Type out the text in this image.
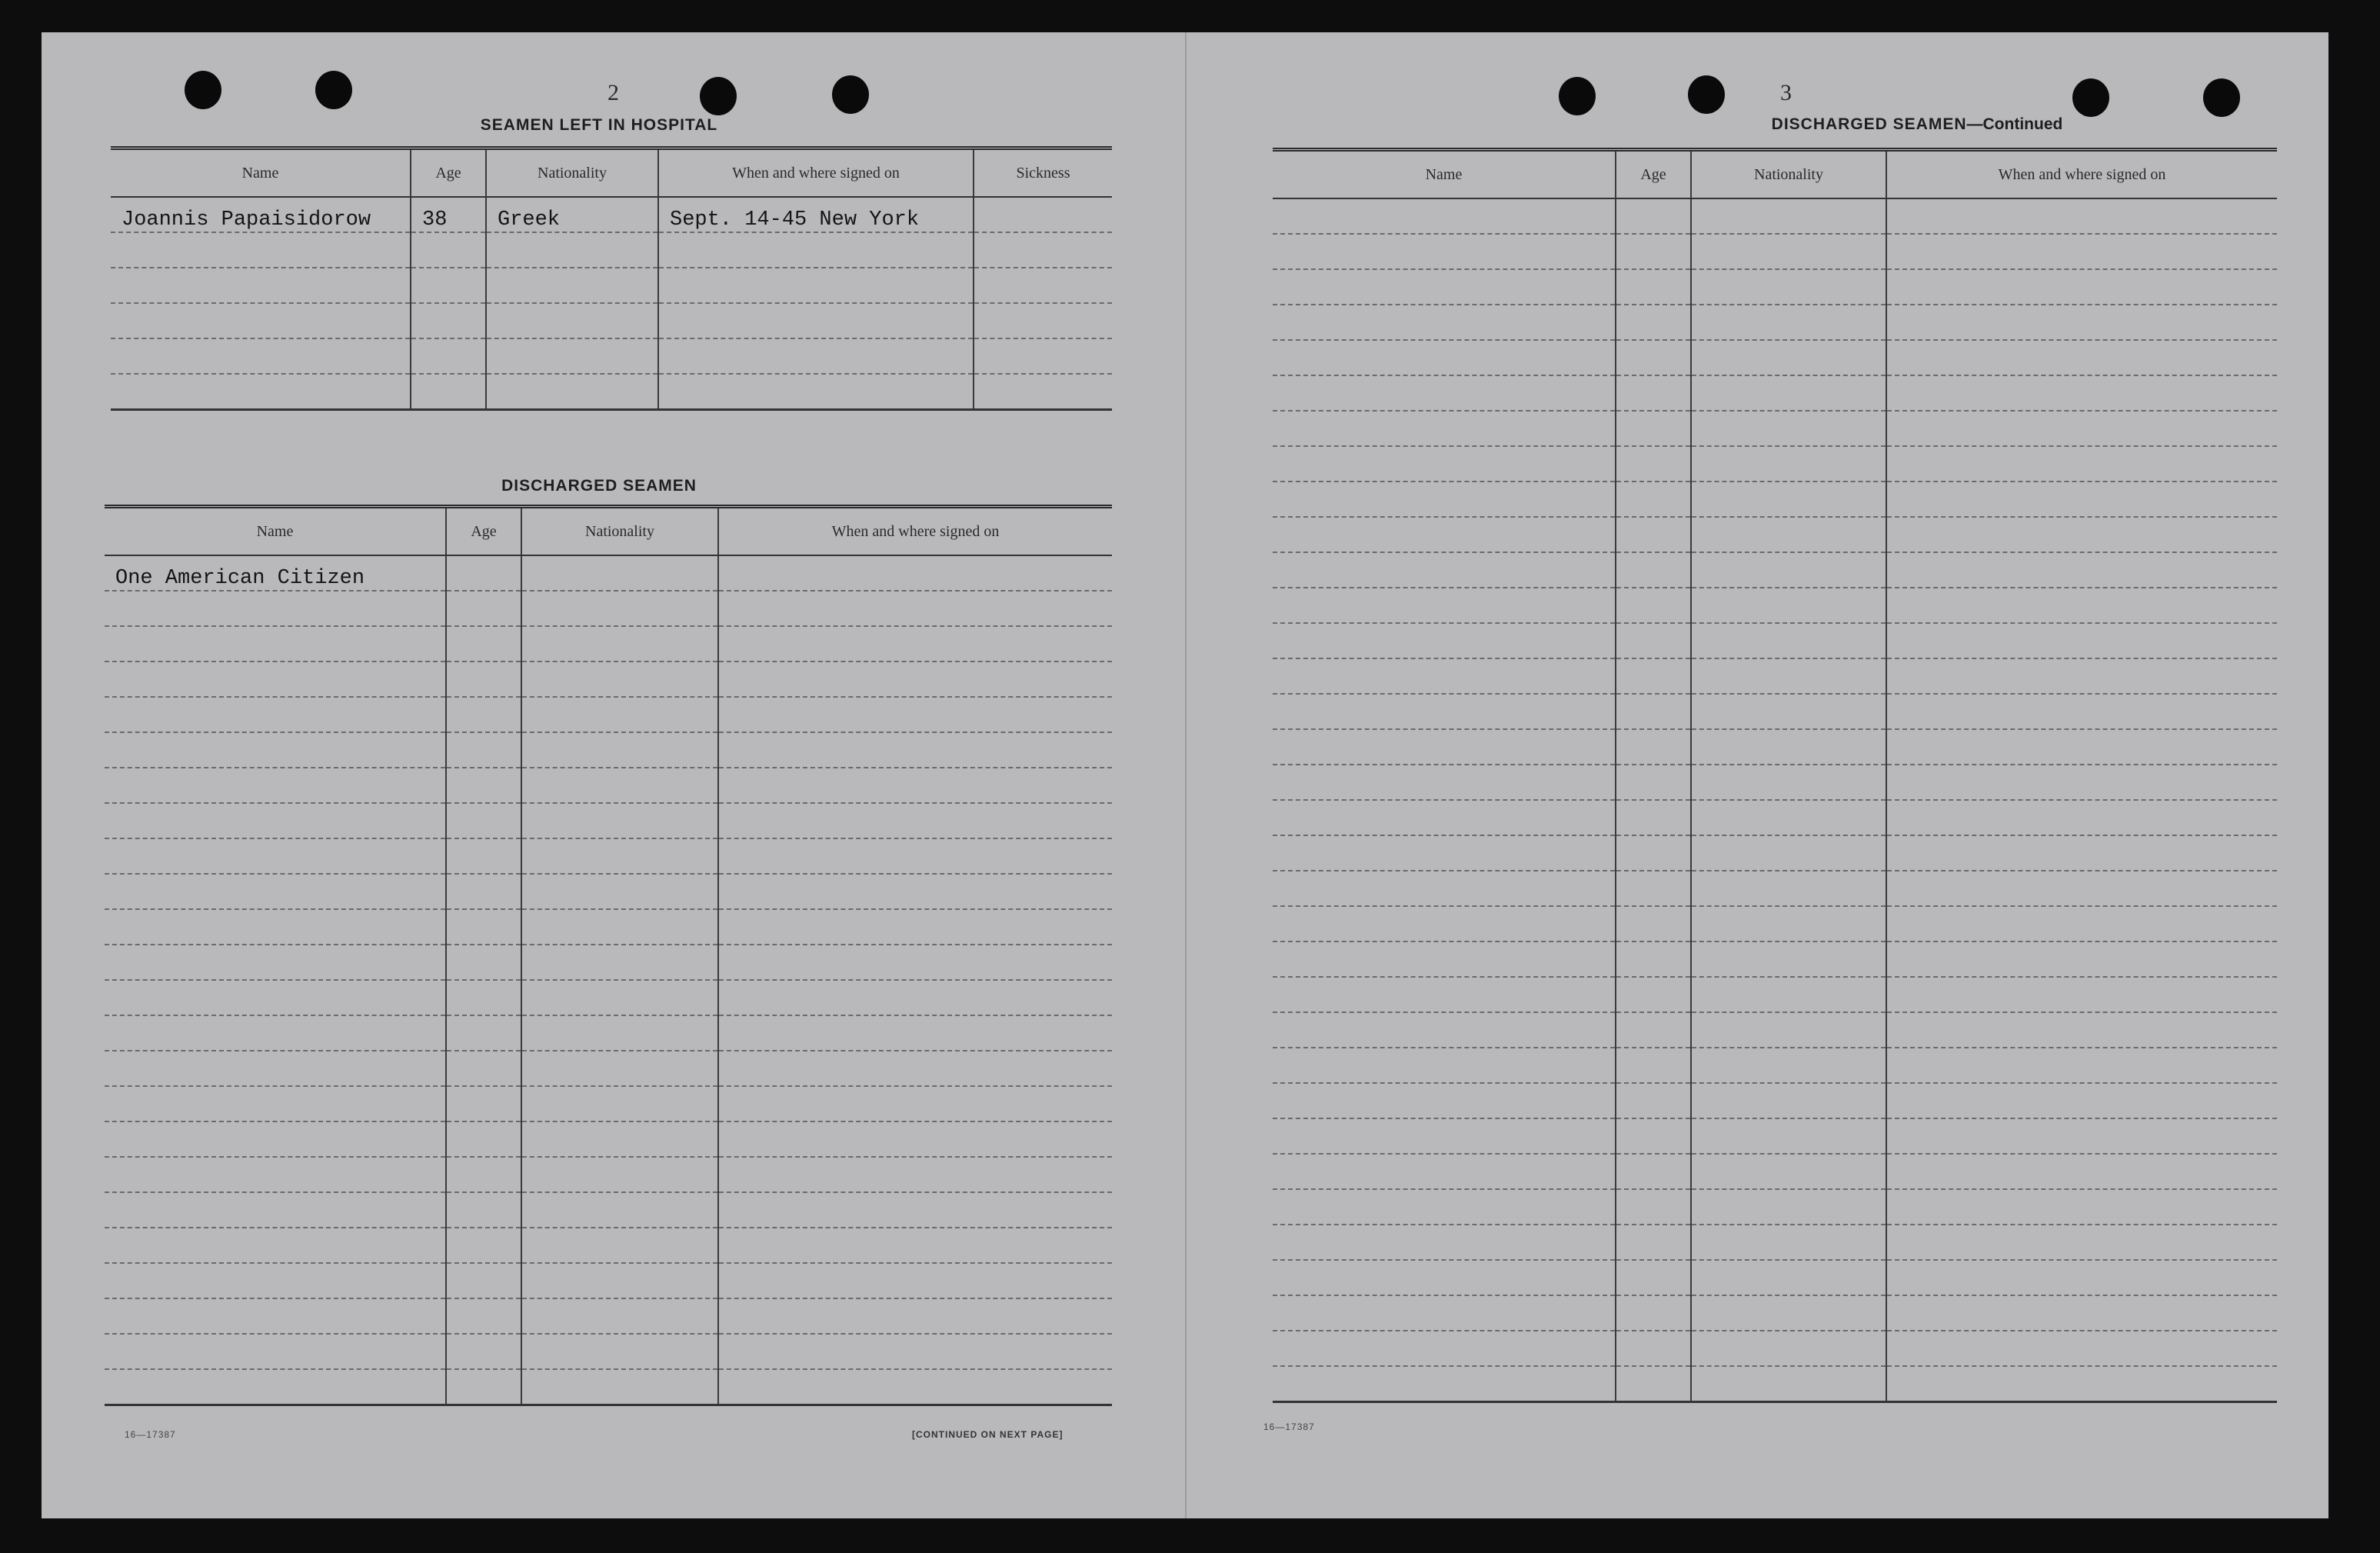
2
SEAMEN LEFT IN HOSPITAL
Name	Age	Nationality	When and where signed on	Sickness
Joannis Papaisidorow	38	Greek	Sept. 14-45 New York	

DISCHARGED SEAMEN
Name	Age	Nationality	When and where signed on
One American Citizen			

16—17387	[CONTINUED ON NEXT PAGE]
3
DISCHARGED SEAMEN—Continued
Name	Age	Nationality	When and where signed on

16—17387
